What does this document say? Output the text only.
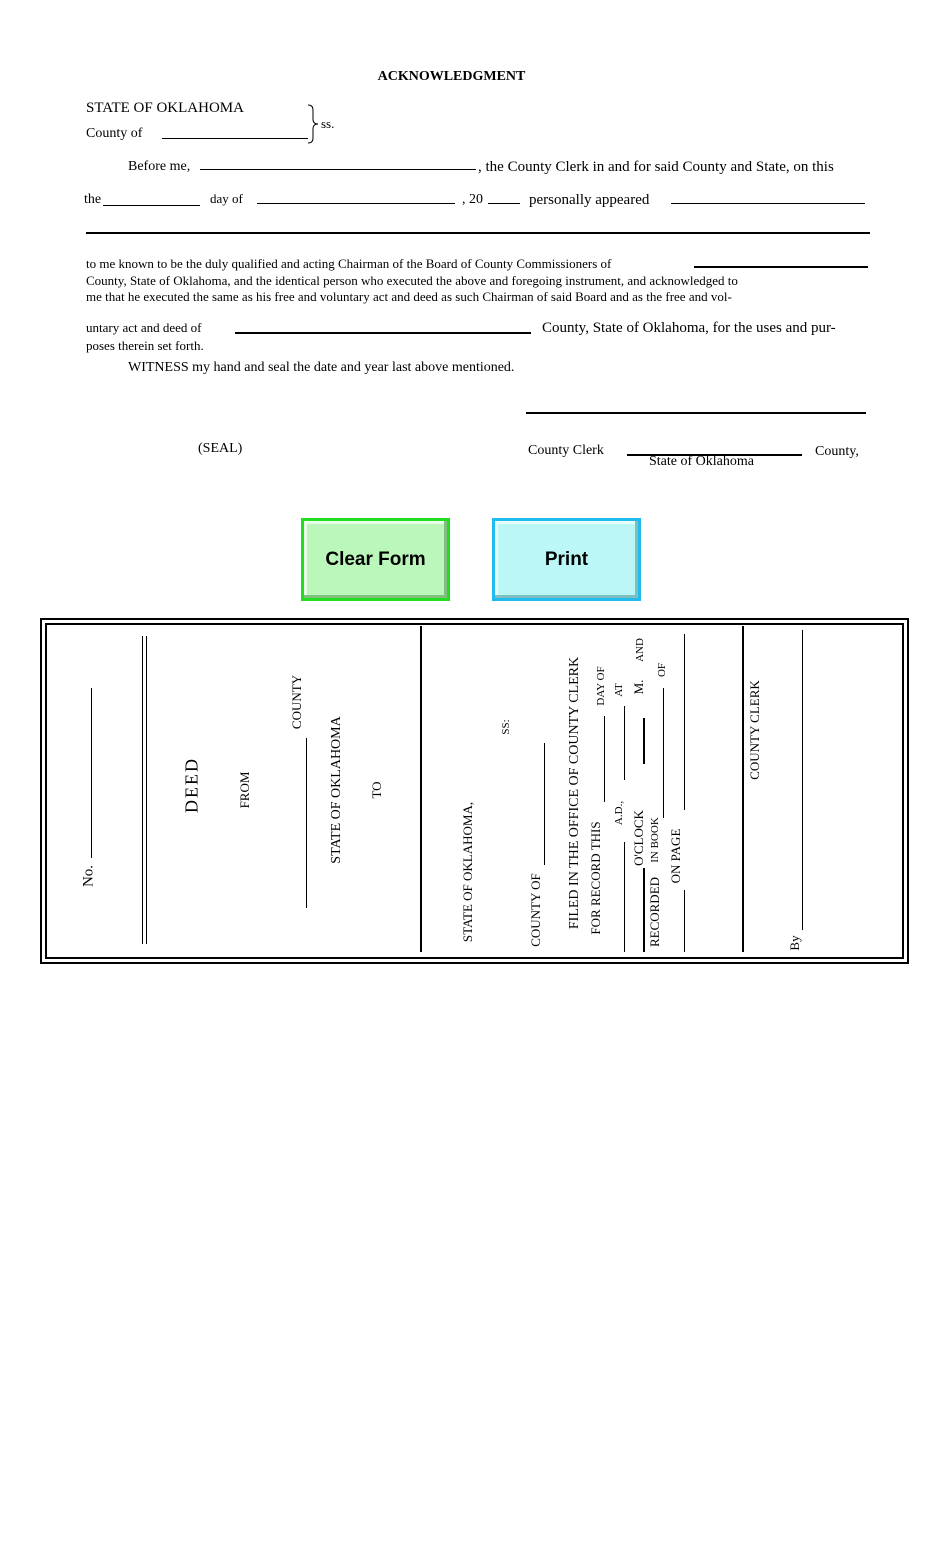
ACKNOWLEDGMENT
STATE OF OKLAHOMA
County of
ss.
Before me,	, the County Clerk in and for said County and State, on this
the	day of	, 20	personally appeared
to me known to be the duly qualified and acting Chairman of the Board of County Commissioners of
County, State of Oklahoma, and the identical person who executed the above and foregoing instrument, and acknowledged to
me that he executed the same as his free and voluntary act and deed as such Chairman of said Board and as the free and vol-
untary act and deed of	County, State of Oklahoma, for the uses and pur-
poses therein set forth.
WITNESS my hand and seal the date and year last above mentioned.
(SEAL)	County Clerk	County,
State of Oklahoma
Clear Form	Print
No.
DEED	FROM
COUNTY
STATE OF OKLAHOMA TO
STATE OF OKLAHOMA,
SS:
COUNTY OF FILED IN THE OFFICE OF COUNTY CLERK FOR RECORD THIS
DAY OF
A.D.,
AT M.
O'CLOCK
AND
RECORDED
IN BOOK
OF
ON PAGE
COUNTY CLERK
By
